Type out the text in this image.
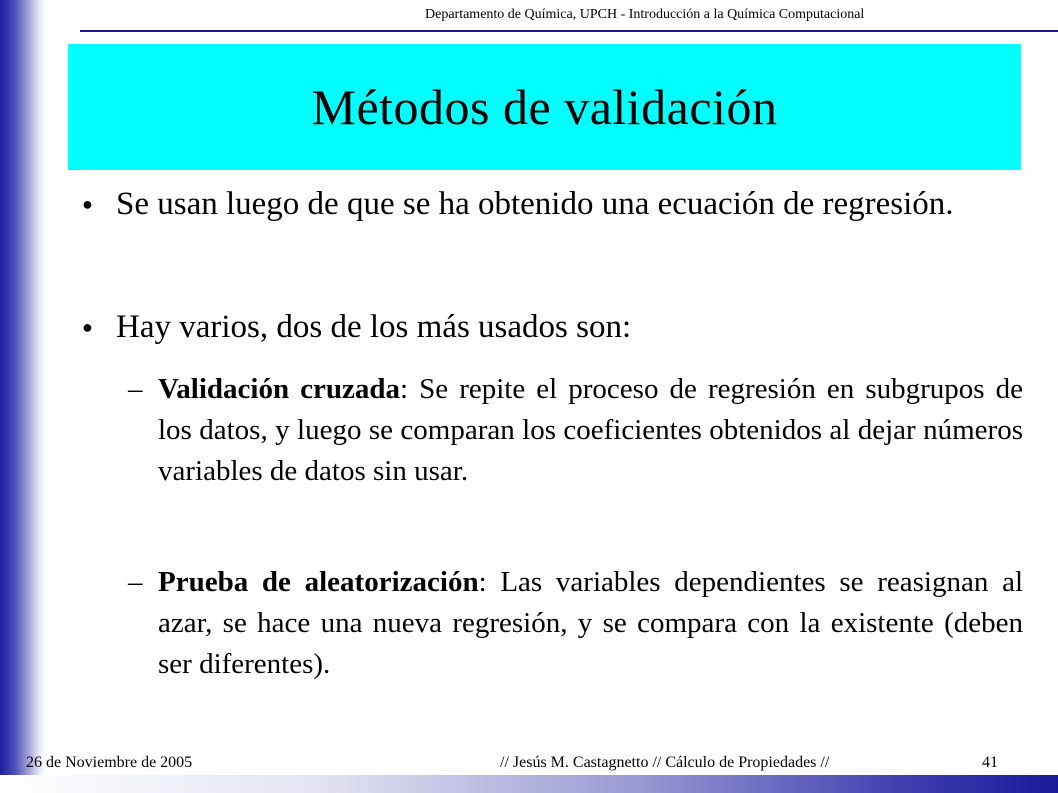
Departamento de Química, UPCH - Introducción a la Química Computacional
Métodos de validación
● Se usan luego de que se ha obtenido una ecuación de regresión.
● Hay varios, dos de los más usados son:
– Validación cruzada: Se repite el proceso de regresión en subgrupos de los datos, y luego se comparan los coeficientes obtenidos al dejar números variables de datos sin usar.
– Prueba de aleatorización: Las variables dependientes se reasignan al azar, se hace una nueva regresión, y se compara con la existente (deben ser diferentes).
26 de Noviembre de 2005	// Jesús M. Castagnetto // Cálculo de Propiedades //	41
